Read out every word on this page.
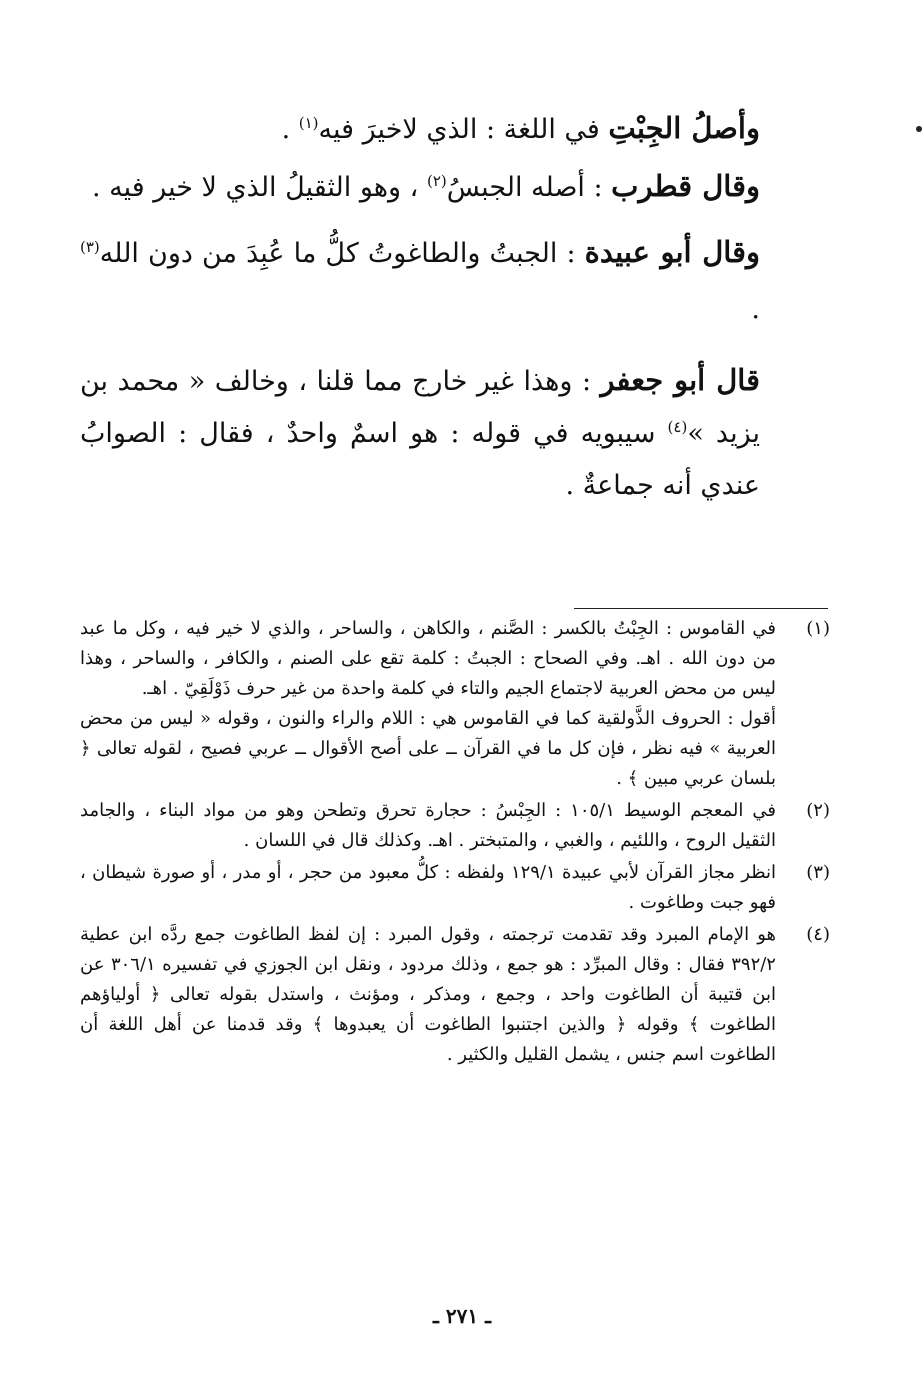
وأصلُ الجِبْتِ في اللغة : الذي لاخيرَ فيه$^{(١)}$ .

وقال قطرب : أصله الجبسُ$^{(٢)}$ ، وهو الثقيلُ الذي لا خير فيه .

وقال أبو عبيدة : الجبتُ والطاغوتُ كلُّ ما عُبِدَ من دون الله$^{(٣)}$ .

قال أبو جعفر : وهذا غير خارج مما قلنا ، وخالف « محمد بن يزيد »$^{(٤)}$ سيبويه في قوله : هو اسمٌ واحدٌ ، فقال : الصوابُ عندي أنه جماعةٌ .

(١)

في القاموس : الجِبْتُ بالكسر : الصَّنم ، والكاهن ، والساحر ، والذي لا خير فيه ، وكل ما عبد من دون الله . اهـ. وفي الصحاح : الجبتُ : كلمة تقع على الصنم ، والكافر ، والساحر ، وهذا ليس من محض العربية لاجتماع الجيم والتاء في كلمة واحدة من غير حرف ذَوْلَقِيّ . اهـ.

أقول : الحروف الذَّولقية كما في القاموس هي : اللام والراء والنون ، وقوله « ليس من محض العربية » فيه نظر ، فإن كل ما في القرآن ــ على أصح الأقوال ــ عربي فصيح ، لقوله تعالى ﴿ بلسان عربي مبين ﴾ .

(٢)

في المعجم الوسيط ١٠٥/١ : الجِبْسُ : حجارة تحرق وتطحن وهو من مواد البناء ، والجامد الثقيل الروح ، واللئيم ، والغبي ، والمتبختر . اهـ. وكذلك قال في اللسان .

(٣)

انظر مجاز القرآن لأبي عبيدة ١٢٩/١ ولفظه : كلُّ معبود من حجر ، أو مدر ، أو صورة شيطان ، فهو جبت وطاغوت .

(٤)

هو الإمام المبرد وقد تقدمت ترجمته ، وقول المبرد : إن لفظ الطاغوت جمع ردَّه ابن عطية ٣٩٢/٢ فقال : وقال المبرِّد : هو جمع ، وذلك مردود ، ونقل ابن الجوزي في تفسيره ٣٠٦/١ عن ابن قتيبة أن الطاغوت واحد ، وجمع ، ومذكر ، ومؤنث ، واستدل بقوله تعالى ﴿ أولياؤهم الطاغوت ﴾ وقوله ﴿ والذين اجتنبوا الطاغوت أن يعبدوها ﴾ وقد قدمنا عن أهل اللغة أن الطاغوت اسم جنس ، يشمل القليل والكثير .

ـ ٢٧١ ـ
